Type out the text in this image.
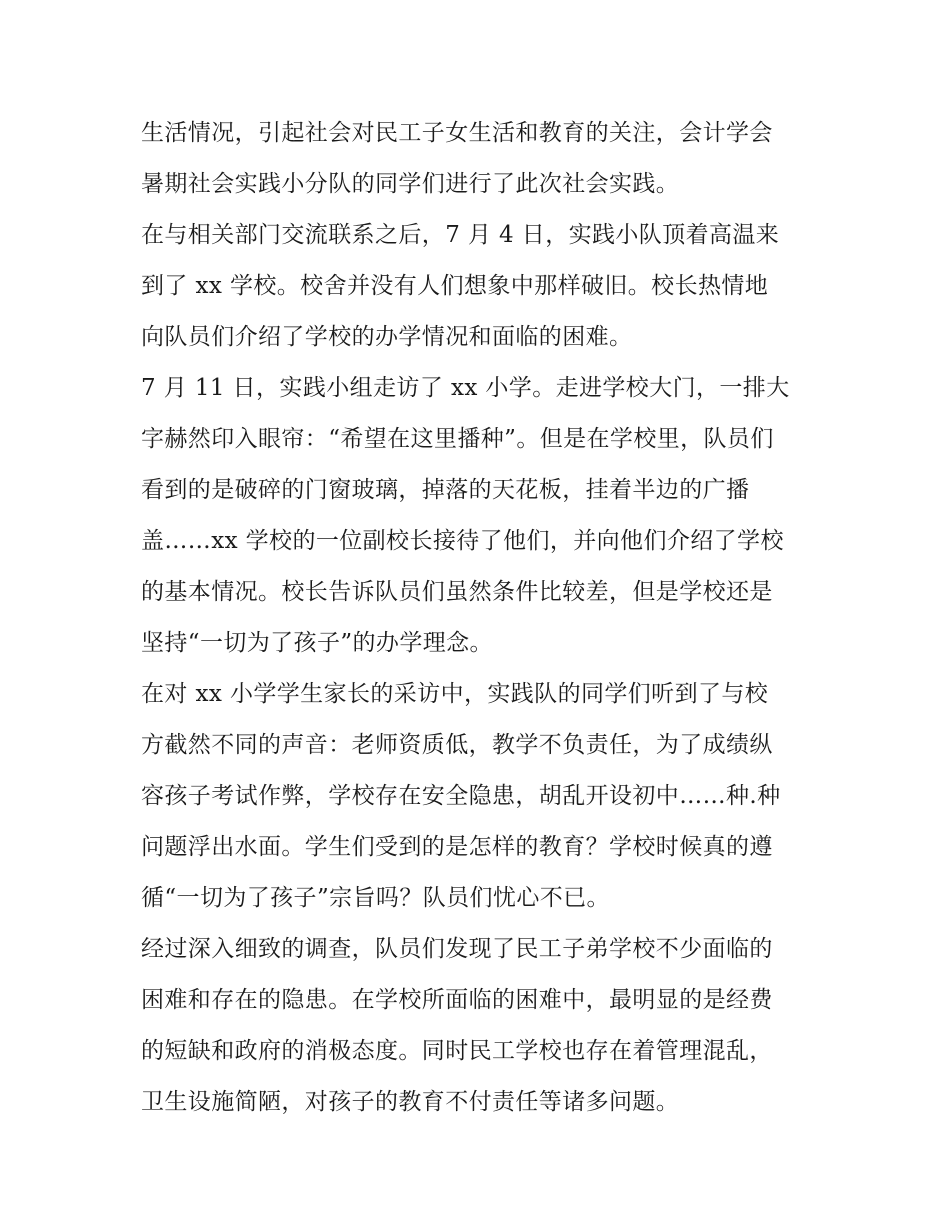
生活情况，引起社会对民工子女生活和教育的关注，会计学会
暑期社会实践小分队的同学们进行了此次社会实践。
在与相关部门交流联系之后，7 月 4 日，实践小队顶着高温来
到了 xx 学校。校舍并没有人们想象中那样破旧。校长热情地
向队员们介绍了学校的办学情况和面临的困难。
7 月 11 日，实践小组走访了 xx 小学。走进学校大门，一排大
字赫然印入眼帘：“希望在这里播种”。但是在学校里，队员们
看到的是破碎的门窗玻璃，掉落的天花板，挂着半边的广播
盖……xx 学校的一位副校长接待了他们，并向他们介绍了学校
的基本情况。校长告诉队员们虽然条件比较差，但是学校还是
坚持“一切为了孩子”的办学理念。
在对 xx 小学学生家长的采访中，实践队的同学们听到了与校
方截然不同的声音：老师资质低，教学不负责任，为了成绩纵
容孩子考试作弊，学校存在安全隐患，胡乱开设初中……种.种
问题浮出水面。学生们受到的是怎样的教育？学校时候真的遵
循“一切为了孩子”宗旨吗？队员们忧心不已。
经过深入细致的调查，队员们发现了民工子弟学校不少面临的
困难和存在的隐患。在学校所面临的困难中，最明显的是经费
的短缺和政府的消极态度。同时民工学校也存在着管理混乱，
卫生设施简陋，对孩子的教育不付责任等诸多问题。
